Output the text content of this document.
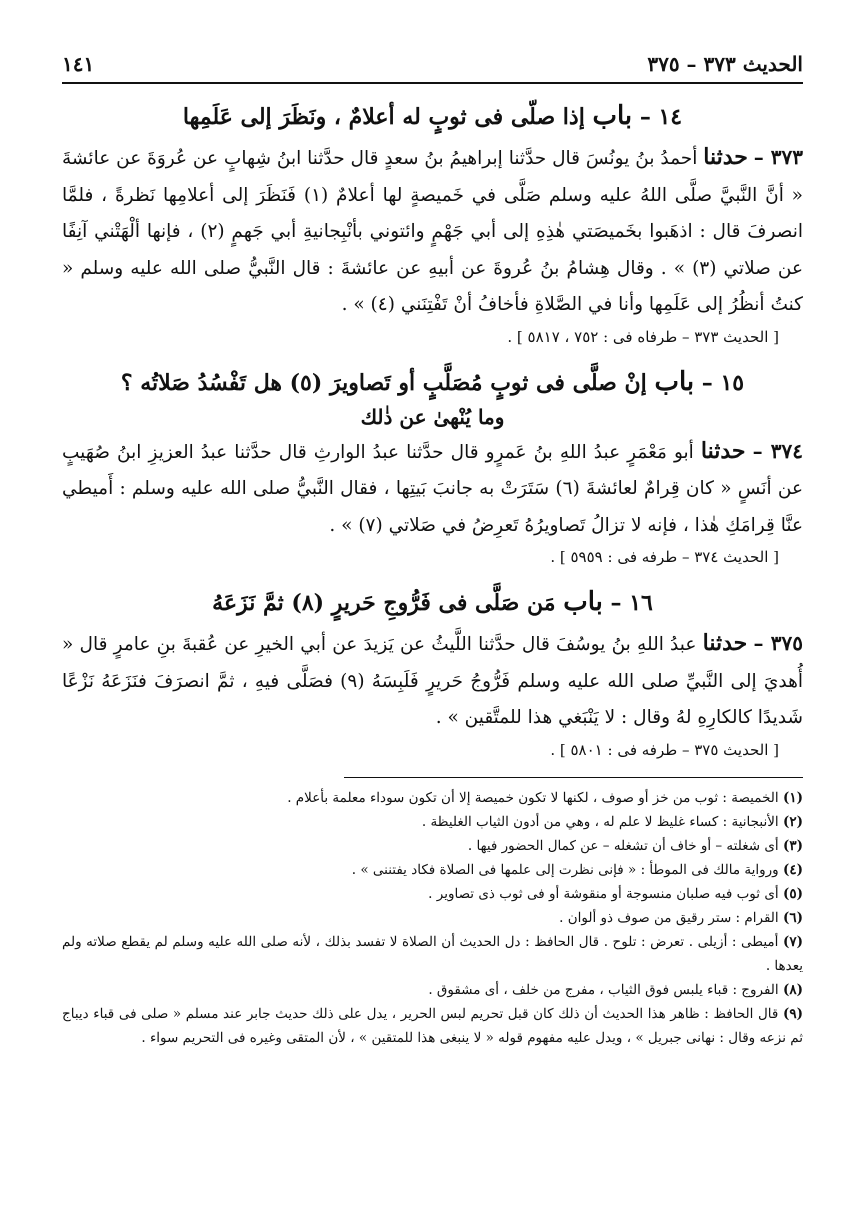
الحديث ٣٧٣ – ٣٧٥
١٤١
١٤ – باب إذا صلّى فى ثوبٍ له أعلامٌ ، ونَظَرَ إلى عَلَمِها

٣٧٣ – حدثنا أحمدُ بنُ يونُسَ قال حدَّثنا إبراهيمُ بنُ سعدٍ قال حدَّثنا ابنُ شِهابٍ عن عُروَةَ عن عائشةَ « أنَّ النَّبيَّ صلَّى اللهُ عليه وسلم صَلَّى في خَميصةٍ لها أعلامٌ (١) فَنَظَرَ إلى أعلامِها نَظرةً ، فلمَّا انصرفَ قال : اذهَبوا بخَميصَتي هٰذِهِ إلى أبي جَهْمٍ وائتوني بأنْبِجانيةِ أبي جَهمٍ (٢) ، فإنها ألْهَتْني آنِفًا عن صلاتي (٣) » . وقال هِشامُ بنُ عُروةَ عن أبيهِ عن عائشةَ : قال النَّبيُّ صلى الله عليه وسلم « كنتُ أنظُرُ إلى عَلَمِها وأنا في الصَّلاةِ فأخافُ أنْ تَفْتِنَني (٤) » .

[ الحديث ٣٧٣ – طرفاه فى : ٧٥٢ ، ٥٨١٧ ] .

١٥ – باب إنْ صلَّى فى ثوبٍ مُصَلَّبٍ أو تَصاويرَ (٥) هل تَفْسُدُ صَلاتُه ؟
وما يُنْهىٰ عن ذٰلك

٣٧٤ – حدثنا أبو مَعْمَرٍ عبدُ اللهِ بنُ عَمرٍو قال حدَّثنا عبدُ الوارثِ قال حدَّثنا عبدُ العزيزِ ابنُ صُهَيبٍ عن أنَسٍ « كان قِرامٌ لعائشةَ (٦) سَتَرَتْ به جانبَ بَيتِها ، فقال النَّبيُّ صلى الله عليه وسلم : أَميطي عنَّا قِرامَكِ هٰذا ، فإنه لا تزالُ تَصاويرُهُ تَعرِضُ في صَلاتي (٧) » .

[ الحديث ٣٧٤ – طرفه فى : ٥٩٥٩ ] .

١٦ – باب مَن صَلَّى فى فَرُّوجِ حَريرٍ (٨) ثمَّ نَزَعَهُ

٣٧٥ – حدثنا عبدُ اللهِ بنُ يوسُفَ قال حدَّثنا اللَّيثُ عن يَزيدَ عن أبي الخيرِ عن عُقبةَ بنِ عامرٍ قال « أُهديَ إلى النَّبيِّ صلى الله عليه وسلم فَرُّوجُ حَريرٍ فَلَبِسَهُ (٩) فصَلَّى فيهِ ، ثمَّ انصرَفَ فنَزَعَهُ نَزْعًا شَديدًا كالكارِهِ لهُ وقال : لا يَنْبَغي هذا للمتَّقين » .

[ الحديث ٣٧٥ – طرفه فى : ٥٨٠١ ] .

(١) الخميصة : ثوب من خز أو صوف ، لكنها لا تكون خميصة إلا أن تكون سوداء معلمة بأعلام .
(٢) الأنبجانية : كساء غليظ لا علم له ، وهي من أدون الثياب الغليظة .
(٣) أى شغلته – أو خاف أن تشغله – عن كمال الحضور فيها .
(٤) ورواية مالك فى الموطأ : « فإنى نظرت إلى علمها فى الصلاة فكاد يفتننى » .
(٥) أى ثوب فيه صلبان منسوجة أو منقوشة أو فى ثوب ذى تصاوير .
(٦) القرام : ستر رقيق من صوف ذو ألوان .
(٧) أميطى : أزيلى . تعرض : تلوح . قال الحافظ : دل الحديث أن الصلاة لا تفسد بذلك ، لأنه صلى الله عليه وسلم لم يقطع صلاته ولم يعدها .
(٨) الفروج : قباء يلبس فوق الثياب ، مفرج من خلف ، أى مشقوق .
(٩) قال الحافظ : ظاهر هذا الحديث أن ذلك كان قبل تحريم لبس الحرير ، يدل على ذلك حديث جابر عند مسلم « صلى فى قباء ديباج ثم نزعه وقال : نهانى جبريل » ، ويدل عليه مفهوم قوله « لا ينبغى هذا للمتقين » ، لأن المتقى وغيره فى التحريم سواء .
